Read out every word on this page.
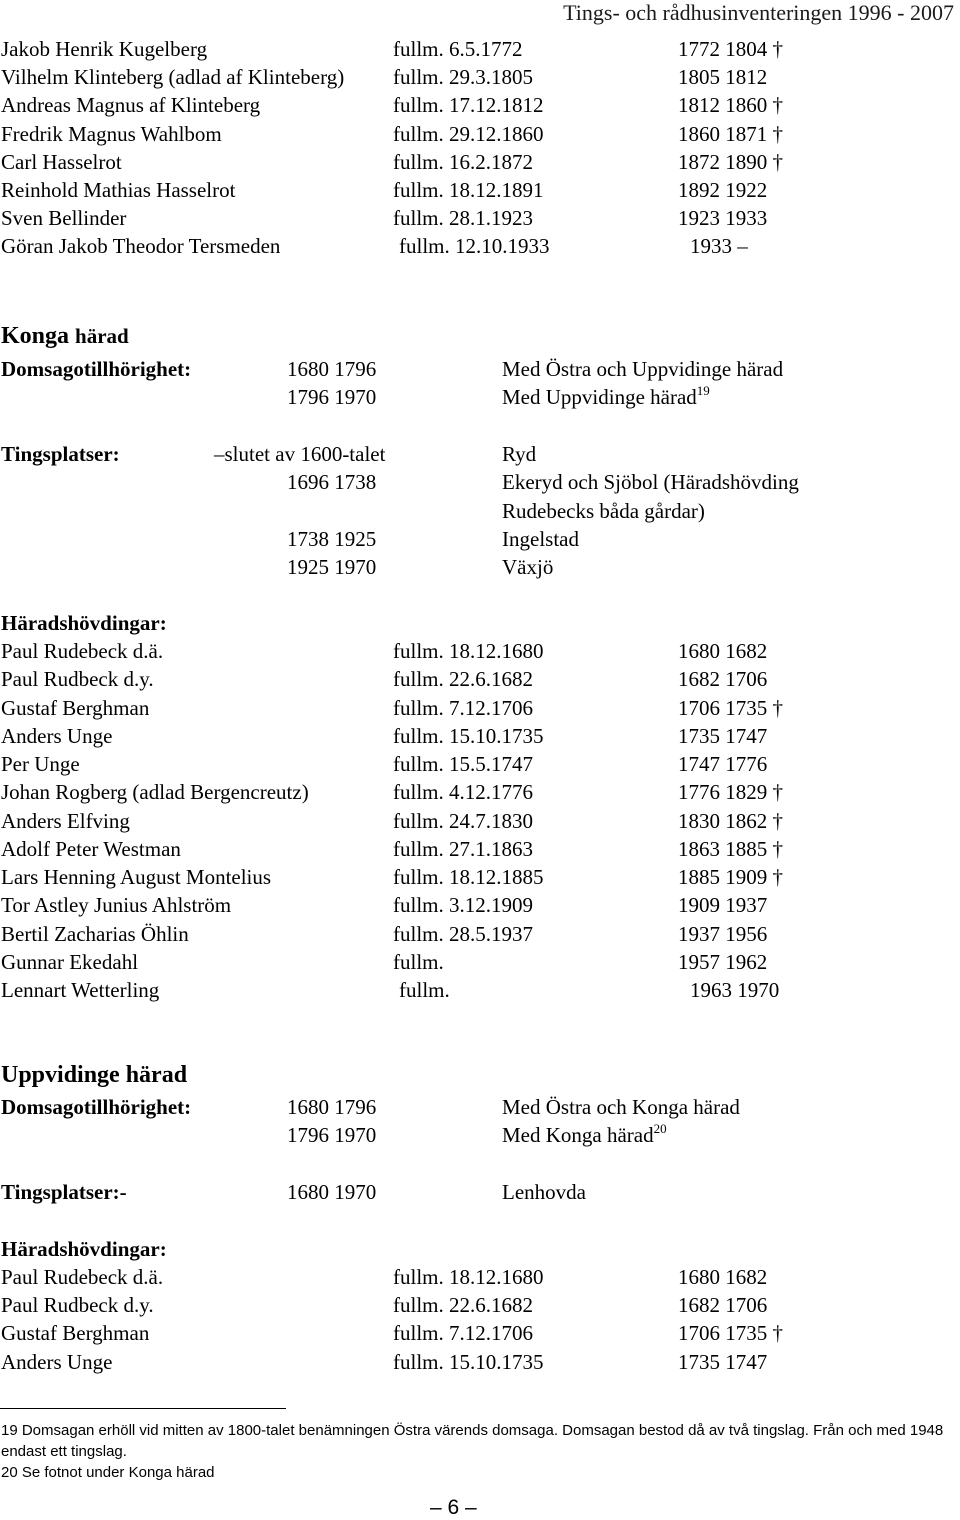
Tings- och rådhusinventeringen 1996 - 2007
Jakob Henrik Kugelberg	fullm. 6.5.1772	1772 1804 †
Vilhelm Klinteberg (adlad af Klinteberg) fullm. 29.3.1805	1805 1812
Andreas Magnus af Klinteberg	fullm. 17.12.1812	1812 1860 †
Fredrik Magnus Wahlbom	fullm. 29.12.1860	1860 1871 †
Carl Hasselrot	fullm. 16.2.1872	1872 1890 †
Reinhold Mathias Hasselrot	fullm. 18.12.1891	1892 1922
Sven Bellinder	fullm. 28.1.1923	1923 1933
Göran Jakob Theodor Tersmeden	fullm. 12.10.1933	1933 –
Konga härad
Domsagotillhörighet:	1680 1796	Med Östra och Uppvidinge härad
1796 1970	Med Uppvidinge härad$^{19}$
Tingsplatser:	–slutet av 1600-talet	Ryd
1696 1738	Ekeryd och Sjöbol (Häradshövding
Rudebecks båda gårdar)
1738 1925	Ingelstad
1925 1970	Växjö
Häradshövdingar:
Paul Rudebeck d.ä.	fullm. 18.12.1680	1680 1682
Paul Rudbeck d.y.	fullm. 22.6.1682	1682 1706
Gustaf Berghman	fullm. 7.12.1706	1706 1735 †
Anders Unge	fullm. 15.10.1735	1735 1747
Per Unge	fullm. 15.5.1747	1747 1776
Johan Rogberg (adlad Bergencreutz)	fullm. 4.12.1776	1776 1829 †
Anders Elfving	fullm. 24.7.1830	1830 1862 †
Adolf Peter Westman	fullm. 27.1.1863	1863 1885 †
Lars Henning August Montelius	fullm. 18.12.1885	1885 1909 †
Tor Astley Junius Ahlström	fullm. 3.12.1909	1909 1937
Bertil Zacharias Öhlin	fullm. 28.5.1937	1937 1956
Gunnar Ekedahl	fullm.	1957 1962
Lennart Wetterling	fullm.	1963 1970
Uppvidinge härad
Domsagotillhörighet:	1680 1796	Med Östra och Konga härad
1796 1970	Med Konga härad$^{20}$
Tingsplatser:-	1680 1970	Lenhovda
Häradshövdingar:
Paul Rudebeck d.ä.	fullm. 18.12.1680	1680 1682
Paul Rudbeck d.y.	fullm. 22.6.1682	1682 1706
Gustaf Berghman	fullm. 7.12.1706	1706 1735 †
Anders Unge	fullm. 15.10.1735	1735 1747
19 Domsagan erhöll vid mitten av 1800-talet benämningen Östra värends domsaga. Domsagan bestod då av två tingslag. Från och med 1948 endast ett tingslag.
20 Se fotnot under Konga härad
– 6 –
